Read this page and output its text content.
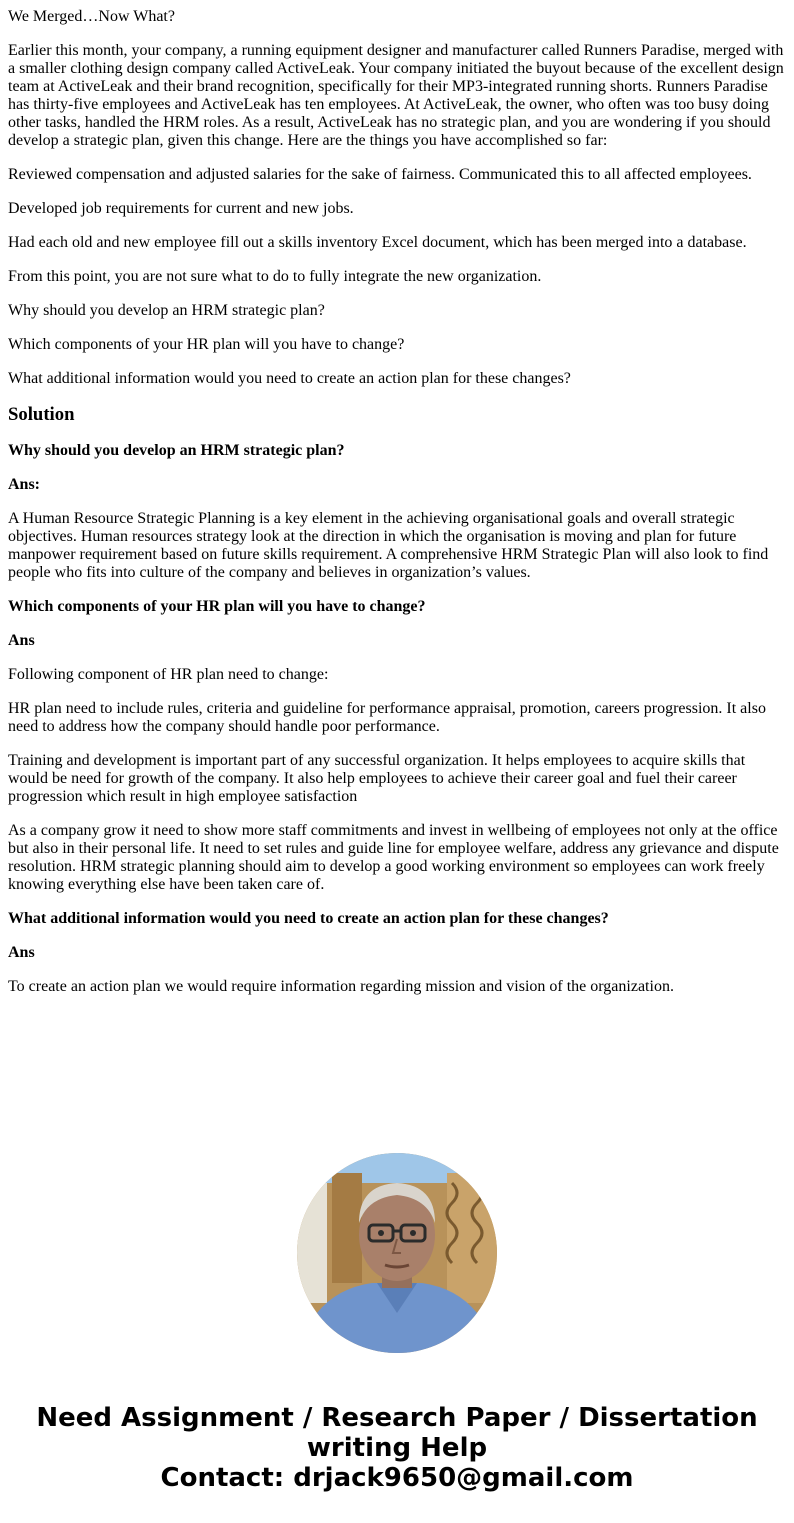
We Merged…Now What?

Earlier this month, your company, a running equipment designer and manufacturer called Runners Paradise, merged with a smaller clothing design company called ActiveLeak. Your company initiated the buyout because of the excellent design team at ActiveLeak and their brand recognition, specifically for their MP3-integrated running shorts. Runners Paradise has thirty-five employees and ActiveLeak has ten employees. At ActiveLeak, the owner, who often was too busy doing other tasks, handled the HRM roles. As a result, ActiveLeak has no strategic plan, and you are wondering if you should develop a strategic plan, given this change. Here are the things you have accomplished so far:

Reviewed compensation and adjusted salaries for the sake of fairness. Communicated this to all affected employees.

Developed job requirements for current and new jobs.

Had each old and new employee fill out a skills inventory Excel document, which has been merged into a database.

From this point, you are not sure what to do to fully integrate the new organization.

Why should you develop an HRM strategic plan?

Which components of your HR plan will you have to change?

What additional information would you need to create an action plan for these changes?

Solution

Why should you develop an HRM strategic plan?

Ans:

A Human Resource Strategic Planning is a key element in the achieving organisational goals and overall strategic objectives. Human resources strategy look at the direction in which the organisation is moving and plan for future manpower requirement based on future skills requirement. A comprehensive HRM Strategic Plan will also look to find people who fits into culture of the company and believes in organization’s values.

Which components of your HR plan will you have to change?

Ans

Following component of HR plan need to change:

HR plan need to include rules, criteria and guideline for performance appraisal, promotion, careers progression. It also need to address how the company should handle poor performance.

Training and development is important part of any successful organization. It helps employees to acquire skills that would be need for growth of the company. It also help employees to achieve their career goal and fuel their career progression which result in high employee satisfaction

As a company grow it need to show more staff commitments and invest in wellbeing of employees not only at the office but also in their personal life. It need to set rules and guide line for employee welfare, address any grievance and dispute resolution. HRM strategic planning should aim to develop a good working environment so employees can work freely knowing everything else have been taken care of.

What additional information would you need to create an action plan for these changes?

Ans

To create an action plan we would require information regarding mission and vision of the organization.

Need Assignment / Research Paper / Dissertation
writing Help
Contact: drjack9650@gmail.com
